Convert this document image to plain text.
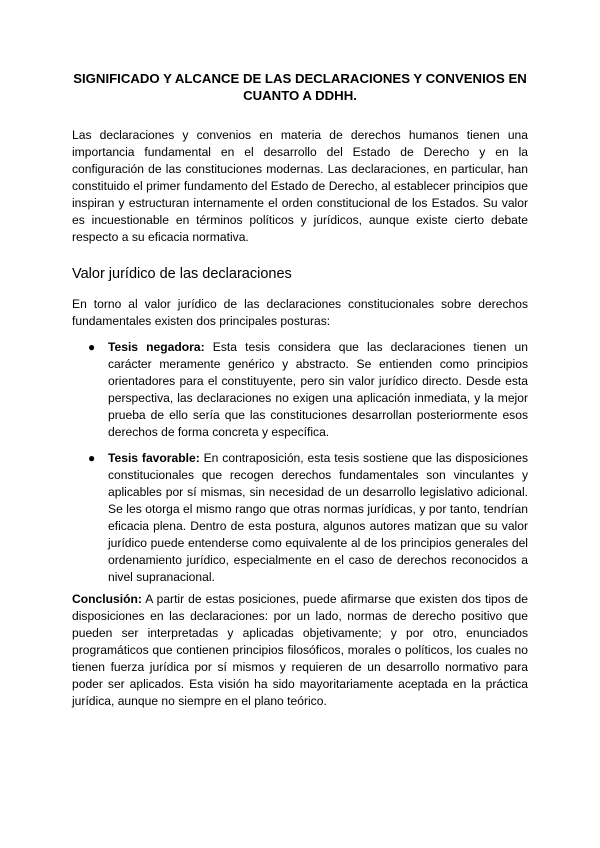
SIGNIFICADO Y ALCANCE DE LAS DECLARACIONES Y CONVENIOS EN CUANTO A DDHH.

Las declaraciones y convenios en materia de derechos humanos tienen una importancia fundamental en el desarrollo del Estado de Derecho y en la configuración de las constituciones modernas. Las declaraciones, en particular, han constituido el primer fundamento del Estado de Derecho, al establecer principios que inspiran y estructuran internamente el orden constitucional de los Estados. Su valor es incuestionable en términos políticos y jurídicos, aunque existe cierto debate respecto a su eficacia normativa.

Valor jurídico de las declaraciones

En torno al valor jurídico de las declaraciones constitucionales sobre derechos fundamentales existen dos principales posturas:

● Tesis negadora: Esta tesis considera que las declaraciones tienen un carácter meramente genérico y abstracto. Se entienden como principios orientadores para el constituyente, pero sin valor jurídico directo. Desde esta perspectiva, las declaraciones no exigen una aplicación inmediata, y la mejor prueba de ello sería que las constituciones desarrollan posteriormente esos derechos de forma concreta y específica.
● Tesis favorable: En contraposición, esta tesis sostiene que las disposiciones constitucionales que recogen derechos fundamentales son vinculantes y aplicables por sí mismas, sin necesidad de un desarrollo legislativo adicional. Se les otorga el mismo rango que otras normas jurídicas, y por tanto, tendrían eficacia plena. Dentro de esta postura, algunos autores matizan que su valor jurídico puede entenderse como equivalente al de los principios generales del ordenamiento jurídico, especialmente en el caso de derechos reconocidos a nivel supranacional.

Conclusión: A partir de estas posiciones, puede afirmarse que existen dos tipos de disposiciones en las declaraciones: por un lado, normas de derecho positivo que pueden ser interpretadas y aplicadas objetivamente; y por otro, enunciados programáticos que contienen principios filosóficos, morales o políticos, los cuales no tienen fuerza jurídica por sí mismos y requieren de un desarrollo normativo para poder ser aplicados. Esta visión ha sido mayoritariamente aceptada en la práctica jurídica, aunque no siempre en el plano teórico.
